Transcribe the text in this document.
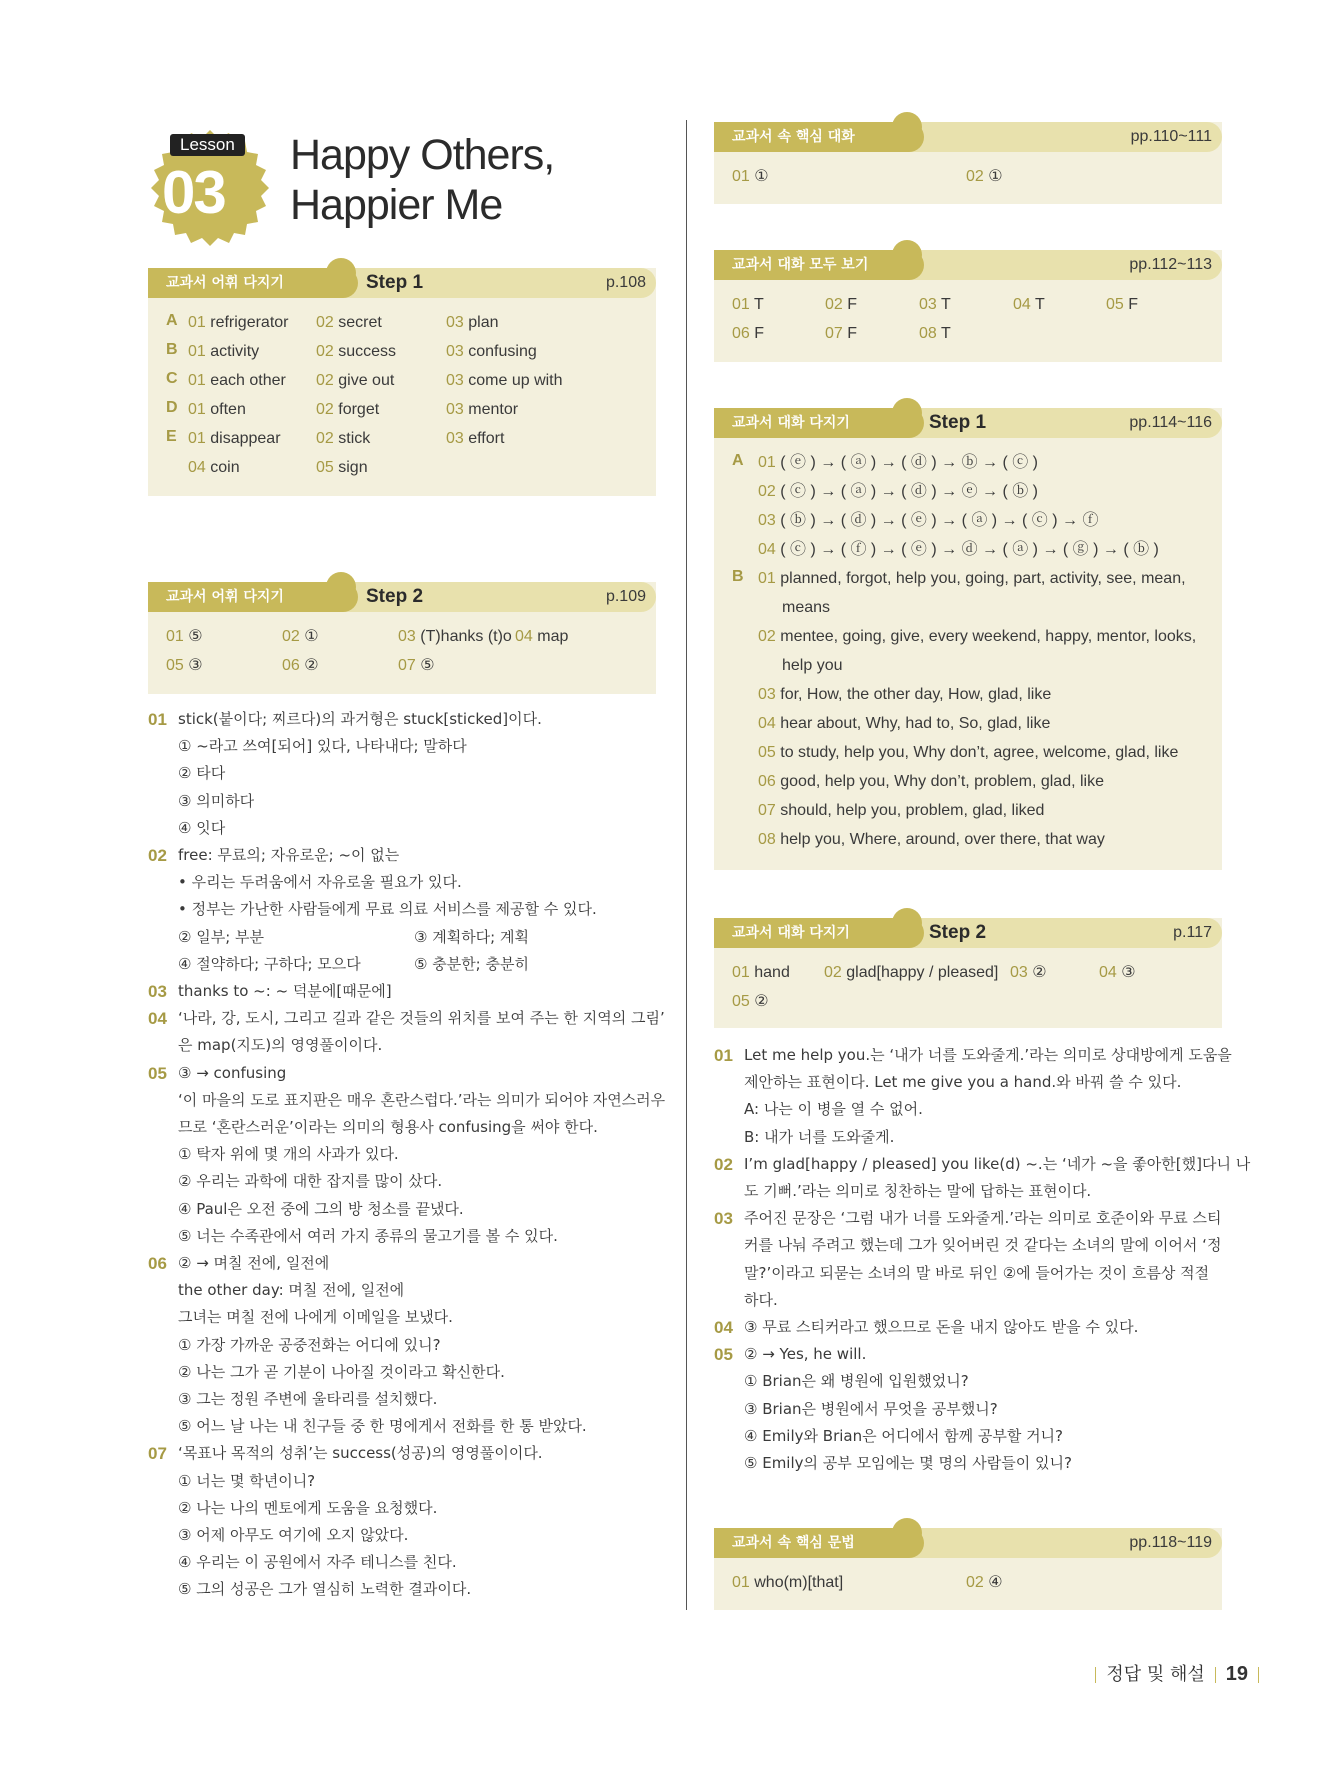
Lesson
03
Happy Others,
Happier Me
교과서 어휘 다지기	Step 1	p.108
A 01 refrigerator 02 secret	03 plan
B 01 activity	02 success	03 confusing
C 01 each other 02 give out	03 come up with
D 01 often	02 forget	03 mentor
E 01 disappear 02 stick	03 effort
04 coin	05 sign
교과서 어휘 다지기	Step 2	p.109
01 ⑤	02 ①	03 (T)hanks (t)o 04 map
05 ③	06 ②	07 ⑤
01 stick(붙이다; 찌르다)의 과거형은 stuck[sticked]이다.
① ~라고 쓰여[되어] 있다, 나타내다; 말하다
② 타다
③ 의미하다
④ 잇다
02 free: 무료의; 자유로운; ~이 없는
• 우리는 두려움에서 자유로울 필요가 있다.
• 정부는 가난한 사람들에게 무료 의료 서비스를 제공할 수 있다.
② 일부; 부분	③ 계획하다; 계획
④ 절약하다; 구하다; 모으다	⑤ 충분한; 충분히
03 thanks to ~: ~ 덕분에[때문에]
04 ‘나라, 강, 도시, 그리고 길과 같은 것들의 위치를 보여 주는 한 지역의 그림’
은 map(지도)의 영영풀이이다.
05 ③ → confusing
‘이 마을의 도로 표지판은 매우 혼란스럽다.’라는 의미가 되어야 자연스러우
므로 ‘혼란스러운’이라는 의미의 형용사 confusing을 써야 한다.
① 탁자 위에 몇 개의 사과가 있다.
② 우리는 과학에 대한 잡지를 많이 샀다.
④ Paul은 오전 중에 그의 방 청소를 끝냈다.
⑤ 너는 수족관에서 여러 가지 종류의 물고기를 볼 수 있다.
06 ② → 며칠 전에, 일전에
the other day: 며칠 전에, 일전에
그녀는 며칠 전에 나에게 이메일을 보냈다.
① 가장 가까운 공중전화는 어디에 있니?
② 나는 그가 곧 기분이 나아질 것이라고 확신한다.
③ 그는 정원 주변에 울타리를 설치했다.
⑤ 어느 날 나는 내 친구들 중 한 명에게서 전화를 한 통 받았다.
07 ‘목표나 목적의 성취’는 success(성공)의 영영풀이이다.
① 너는 몇 학년이니?
② 나는 나의 멘토에게 도움을 요청했다.
③ 어제 아무도 여기에 오지 않았다.
④ 우리는 이 공원에서 자주 테니스를 친다.
⑤ 그의 성공은 그가 열심히 노력한 결과이다.
교과서 속 핵심 대화	pp.110~111
01 ①	02 ①
교과서 대화 모두 보기	pp.112~113
01 T	02 F	03 T	04 T	05 F
06 F	07 F	08 T
교과서 대화 다지기	Step 1	pp.114~116
A 01 ( ⓔ ) → ( ⓐ ) → ( ⓓ ) → ⓑ → ( ⓒ )
02 ( ⓒ ) → ( ⓐ ) → ( ⓓ ) → ⓔ → ( ⓑ )
03 ( ⓑ ) → ( ⓓ ) → ( ⓔ ) → ( ⓐ ) → ( ⓒ ) → ⓕ
04 ( ⓒ ) → ( ⓕ ) → ( ⓔ ) → ⓓ → ( ⓐ ) → ( ⓖ ) → ( ⓑ )
B 01 planned, forgot, help you, going, part, activity, see, mean,
means
02 mentee, going, give, every weekend, happy, mentor, looks,
help you
03 for, How, the other day, How, glad, like
04 hear about, Why, had to, So, glad, like
05 to study, help you, Why don’t, agree, welcome, glad, like
06 good, help you, Why don’t, problem, glad, like
07 should, help you, problem, glad, liked
08 help you, Where, around, over there, that way
교과서 대화 다지기	Step 2	p.117
01 hand 02 glad[happy / pleased] 03 ②	04 ③
05 ②
01 Let me help you.는 ‘내가 너를 도와줄게.’라는 의미로 상대방에게 도움을
제안하는 표현이다. Let me give you a hand.와 바꿔 쓸 수 있다.
A: 나는 이 병을 열 수 없어.
B: 내가 너를 도와줄게.
02 I’m glad[happy / pleased] you like(d) ~.는 ‘네가 ~을 좋아한[했]다니 나
도 기뻐.’라는 의미로 칭찬하는 말에 답하는 표현이다.
03 주어진 문장은 ‘그럼 내가 너를 도와줄게.’라는 의미로 호준이와 무료 스티
커를 나눠 주려고 했는데 그가 잊어버린 것 같다는 소녀의 말에 이어서 ‘정
말?’이라고 되묻는 소녀의 말 바로 뒤인 ②에 들어가는 것이 흐름상 적절
하다.
04 ③ 무료 스티커라고 했으므로 돈을 내지 않아도 받을 수 있다.
05 ② → Yes, he will.
① Brian은 왜 병원에 입원했었니?
③ Brian은 병원에서 무엇을 공부했니?
④ Emily와 Brian은 어디에서 함께 공부할 거니?
⑤ Emily의 공부 모임에는 몇 명의 사람들이 있니?
교과서 속 핵심 문법	pp.118~119
01 who(m)[that]	02 ④
정답 및 해설 19
